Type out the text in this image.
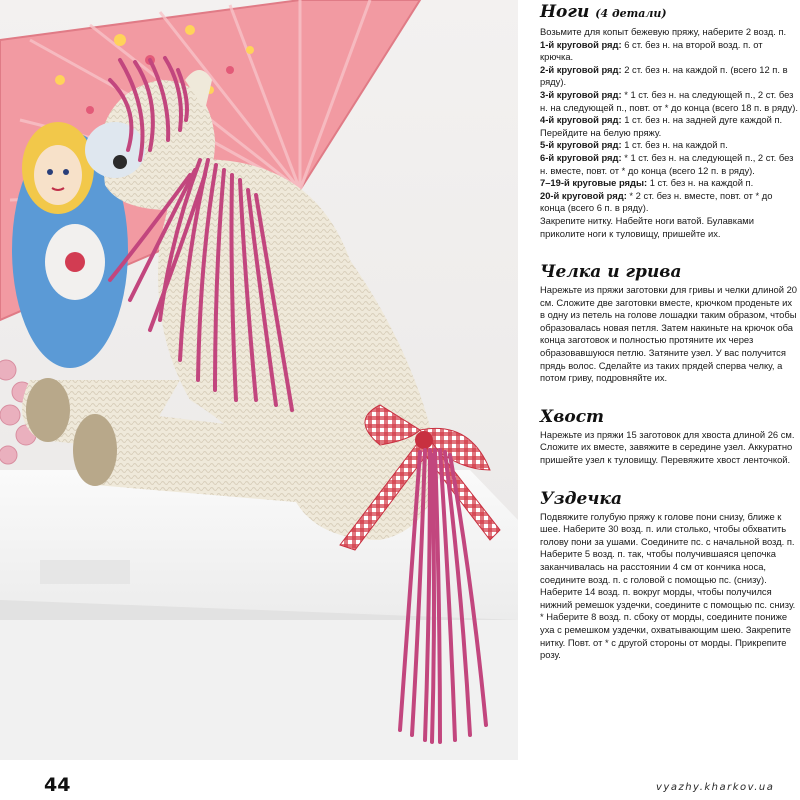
Ноги (4 детали)

Возьмите для копыт бежевую пряжу, наберите 2 возд. п.

1-й круговой ряд: 6 ст. без н. на второй возд. п. от крючка.

2-й круговой ряд: 2 ст. без н. на каждой п. (всего 12 п. в ряду).

3-й круговой ряд: * 1 ст. без н. на следующей п., 2 ст. без н. на следующей п., повт. от * до конца (всего 18 п. в ряду).

4-й круговой ряд: 1 ст. без н. на задней дуге каждой п.

Перейдите на белую пряжу.

5-й круговой ряд: 1 ст. без н. на каждой п.

6-й круговой ряд: * 1 ст. без н. на следующей п., 2 ст. без н. вместе, повт. от * до конца (всего 12 п. в ряду).

7–19-й круговые ряды: 1 ст. без н. на каждой п.

20-й круговой ряд: * 2 ст. без н. вместе, повт. от * до конца (всего 6 п. в ряду).

Закрепите нитку. Набейте ноги ватой. Булавками приколите ноги к туловищу, пришейте их.

Челка и грива

Нарежьте из пряжи заготовки для гривы и челки длиной 20 см. Сложите две заготовки вместе, крючком проденьте их в одну из петель на голове лошадки таким образом, чтобы образовалась новая петля. Затем накиньте на крючок оба конца заготовок и полностью протяните их через образовавшуюся петлю. Затяните узел. У вас получится прядь волос. Сделайте из таких прядей сперва челку, а потом гриву, подровняйте их.

Хвост

Нарежьте из пряжи 15 заготовок для хвоста длиной 26 см. Сложите их вместе, завяжите в середине узел. Аккуратно пришейте узел к туловищу. Перевяжите хвост ленточкой.

Уздечка

Подвяжите голубую пряжу к голове пони снизу, ближе к шее. Наберите 30 возд. п. или столько, чтобы обхватить голову пони за ушами. Соедините пс. с начальной возд. п. Наберите 5 возд. п. так, чтобы получившаяся цепочка заканчивалась на расстоянии 4 см от кончика носа, соедините возд. п. с головой с помощью пс. (снизу). Наберите 14 возд. п. вокруг морды, чтобы получился нижний ремешок уздечки, соедините с помощью пс. снизу. * Наберите 8 возд. п. сбоку от морды, соедините пониже уха с ремешком уздечки, охватывающим шею. Закрепите нитку. Повт. от * с другой стороны от морды. Прикрепите розу.

44	vyazhy.kharkov.ua
